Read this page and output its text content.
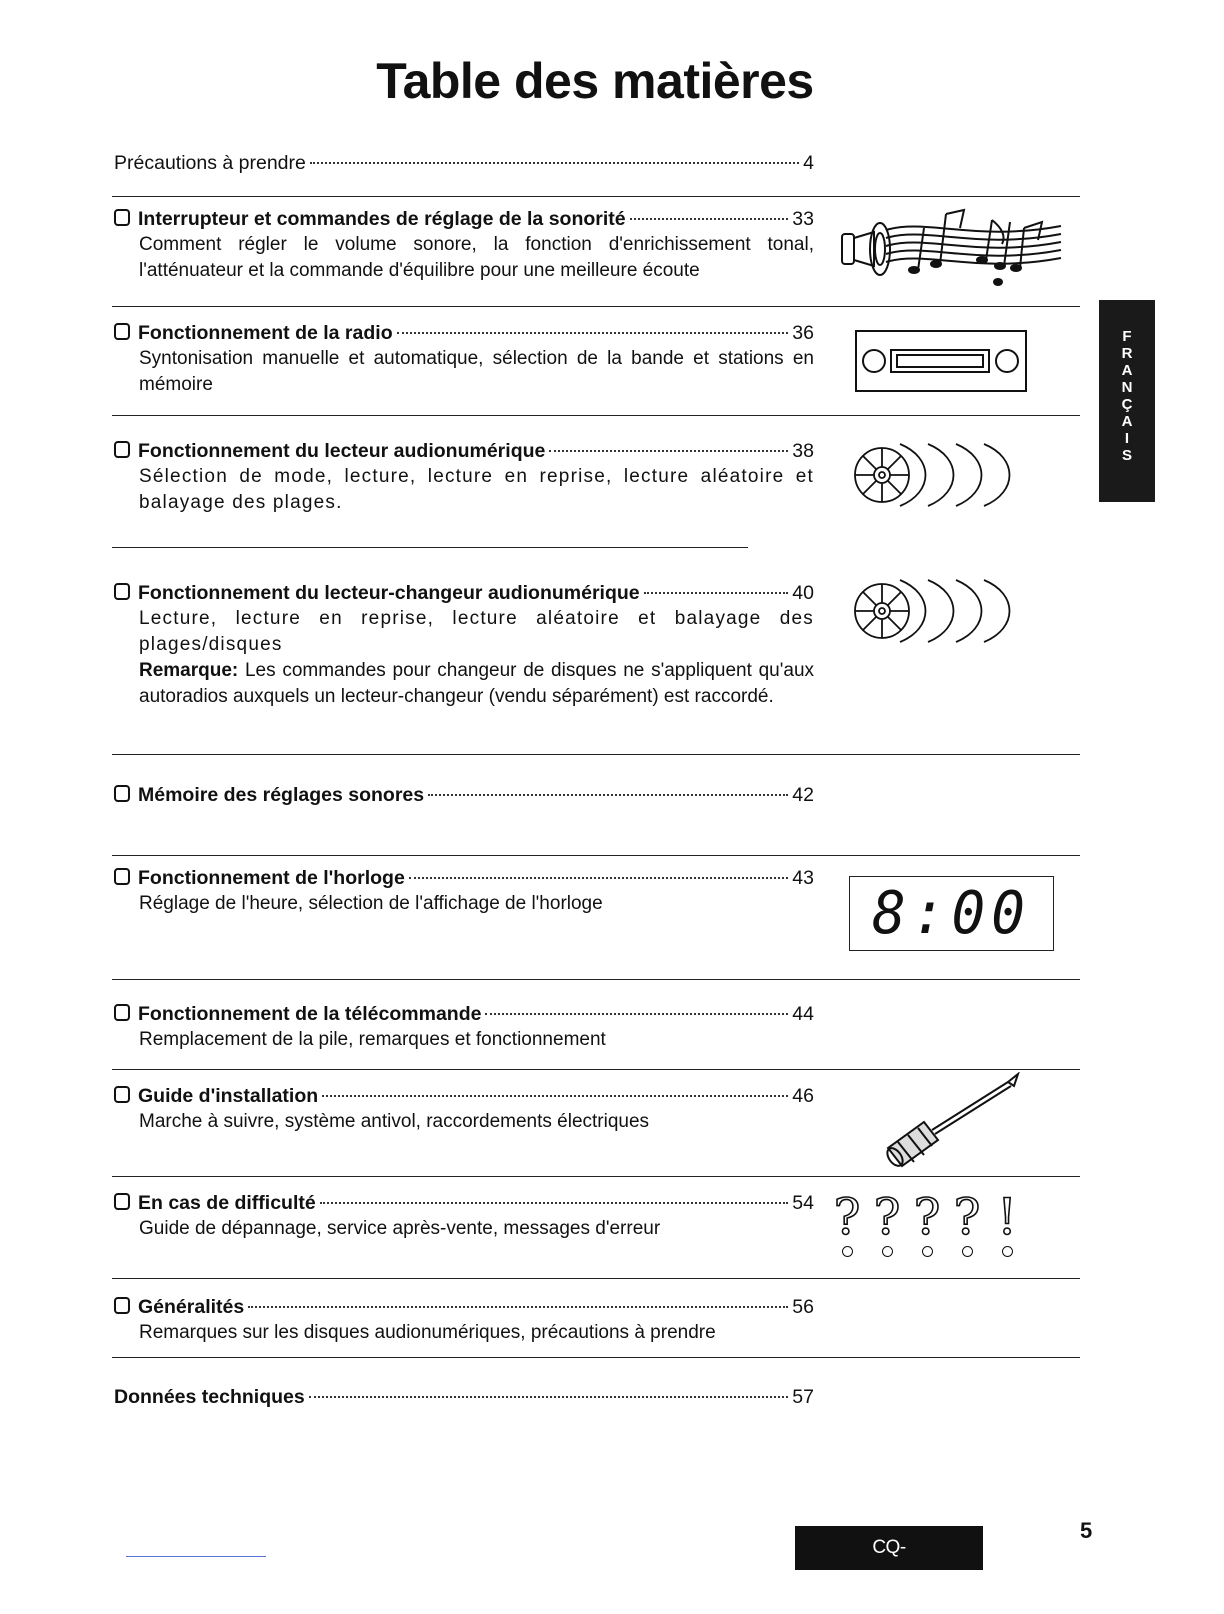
Table des matières
Précautions à prendre	4
Interrupteur et commandes de réglage de la sonorité	33
Comment régler le volume sonore, la fonction d'enrichissement tonal, l'atténuateur et la commande d'équilibre pour une meilleure écoute
Fonctionnement de la radio	36
Syntonisation manuelle et automatique, sélection de la bande et stations en mémoire
Fonctionnement du lecteur audionumérique	38
Sélection de mode, lecture, lecture en reprise, lecture aléatoire et balayage des plages.
Fonctionnement du lecteur-changeur audionumérique	40
Lecture, lecture en reprise, lecture aléatoire et balayage des plages/disques
Remarque: Les commandes pour changeur de disques ne s'appliquent qu'aux autoradios auxquels un lecteur-changeur (vendu séparément) est raccordé.
Mémoire des réglages sonores	42
Fonctionnement de l'horloge	43
Réglage de l'heure, sélection de l'affichage de l'horloge	8:00
Fonctionnement de la télécommande	44
Remplacement de la pile, remarques et fonctionnement
Guide d'installation	46
Marche à suivre, système antivol, raccordements électriques
En cas de difficulté	54
Guide de dépannage, service après-vente, messages d'erreur	? ? ? ? !
Généralités	56
Remarques sur les disques audionumériques, précautions à prendre
Données techniques	57
F
R
A
N
Ç
A
I
S
CQ-DP975/DFX85EUC
5
